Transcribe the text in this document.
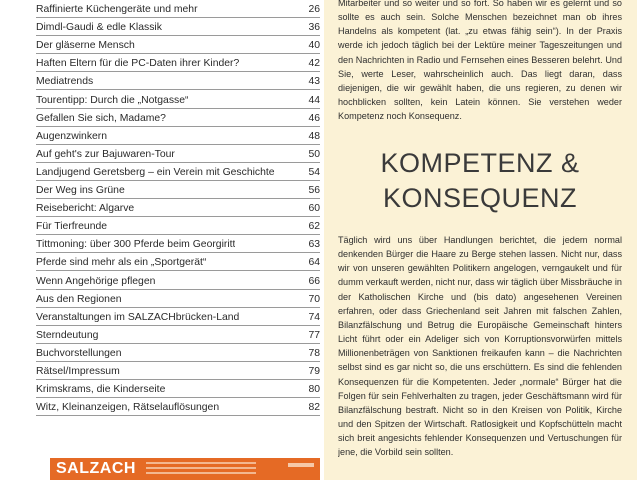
Raffinierte Küchengeräte und mehr	26
Dimdl-Gaudi & edle Klassik	36
Der gläserne Mensch	40
Haften Eltern für die PC-Daten ihrer Kinder?	42
Mediatrends	43
Tourentipp: Durch die „Notgasse“	44
Gefallen Sie sich, Madame?	46
Augenzwinkern	48
Auf geht's zur Bajuwaren-Tour	50
Landjugend Geretsberg – ein Verein mit Geschichte	54
Der Weg ins Grüne	56
Reisebericht: Algarve	60
Für Tierfreunde	62
Tittmoning: über 300 Pferde beim Georgiritt	63
Pferde sind mehr als ein „Sportgerät“	64
Wenn Angehörige pflegen	66
Aus den Regionen	70
Veranstaltungen im SALZACHbrücken-Land	74
Sterndeutung	77
Buchvorstellungen	78
Rätsel/Impressum	79
Krimskrams, die Kinderseite	80
Witz, Kleinanzeigen, Rätselauflösungen	82
SALZACH

Mitarbeiter und so weiter und so fort. So haben wir es gelernt und so sollte es auch sein. Solche Menschen bezeichnet man ob ihres Handelns als kompetent (lat. „zu etwas fähig sein“). In der Praxis werde ich jedoch täglich bei der Lektüre meiner Tageszeitungen und den Nachrichten in Radio und Fernsehen eines Besseren belehrt. Und Sie, werte Leser, wahrscheinlich auch. Das liegt daran, dass diejenigen, die wir gewählt haben, die uns regieren, zu denen wir hochblicken sollten, kein Latein können. Sie verstehen weder Kompetenz noch Konsequenz.

KOMPETENZ &
KONSEQUENZ

Täglich wird uns über Handlungen berichtet, die jedem normal denkenden Bürger die Haare zu Berge stehen lassen. Nicht nur, dass wir von unseren gewählten Politikern angelogen, verngaukelt und für dumm verkauft werden, nicht nur, dass wir täglich über Missbräuche in der Katholischen Kirche und (bis dato) angesehenen Vereinen erfahren, oder dass Griechenland seit Jahren mit falschen Zahlen, Bilanzfälschung und Betrug die Europäische Gemeinschaft hinters Licht führt oder ein Adeliger sich von Korruptionsvorwürfen mittels Millionenbeträgen von Sanktionen freikaufen kann – die Nachrichten selbst sind es gar nicht so, die uns erschüttern. Es sind die fehlenden Konsequenzen für die Kompetenten. Jeder „normale“ Bürger hat die Folgen für sein Fehlverhalten zu tragen, jeder Geschäftsmann wird für Bilanzfälschung bestraft. Nicht so in den Kreisen von Politik, Kirche und den Spitzen der Wirtschaft. Ratlosigkeit und Kopfschütteln macht sich breit angesichts fehlender Konsequenzen und Vertuschungen für jene, die Vorbild sein sollten.
